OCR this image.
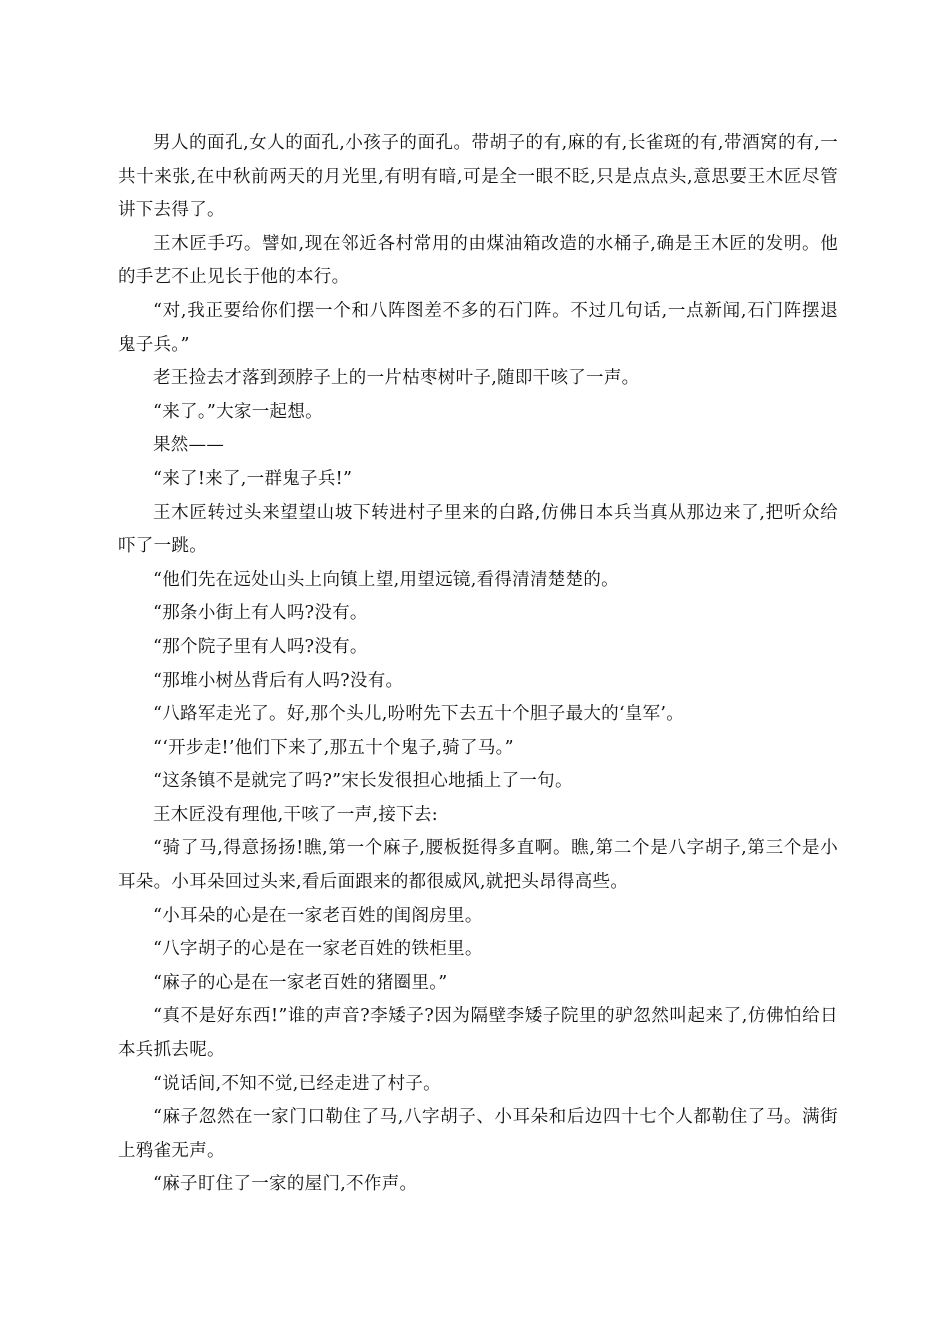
男人的面孔,女人的面孔,小孩子的面孔。带胡子的有,麻的有,长雀斑的有,带酒窝的有,一共十来张,在中秋前两天的月光里,有明有暗,可是全一眼不眨,只是点点头,意思要王木匠尽管讲下去得了。

王木匠手巧。譬如,现在邻近各村常用的由煤油箱改造的水桶子,确是王木匠的发明。他的手艺不止见长于他的本行。

“对,我正要给你们摆一个和八阵图差不多的石门阵。不过几句话,一点新闻,石门阵摆退鬼子兵。”

老王捡去才落到颈脖子上的一片枯枣树叶子,随即干咳了一声。

“来了。”大家一起想。

果然——

“来了!来了,一群鬼子兵!”

王木匠转过头来望望山坡下转进村子里来的白路,仿佛日本兵当真从那边来了,把听众给吓了一跳。

“他们先在远处山头上向镇上望,用望远镜,看得清清楚楚的。

“那条小街上有人吗?没有。

“那个院子里有人吗?没有。

“那堆小树丛背后有人吗?没有。

“八路军走光了。好,那个头儿,吩咐先下去五十个胆子最大的‘皇军’。

“‘开步走!’他们下来了,那五十个鬼子,骑了马。”

“这条镇不是就完了吗?”宋长发很担心地插上了一句。

王木匠没有理他,干咳了一声,接下去:

“骑了马,得意扬扬!瞧,第一个麻子,腰板挺得多直啊。瞧,第二个是八字胡子,第三个是小耳朵。小耳朵回过头来,看后面跟来的都很威风,就把头昂得高些。

“小耳朵的心是在一家老百姓的闺阁房里。

“八字胡子的心是在一家老百姓的铁柜里。

“麻子的心是在一家老百姓的猪圈里。”

“真不是好东西!”谁的声音?李矮子?因为隔壁李矮子院里的驴忽然叫起来了,仿佛怕给日本兵抓去呢。

“说话间,不知不觉,已经走进了村子。

“麻子忽然在一家门口勒住了马,八字胡子、小耳朵和后边四十七个人都勒住了马。满街上鸦雀无声。

“麻子盯住了一家的屋门,不作声。
